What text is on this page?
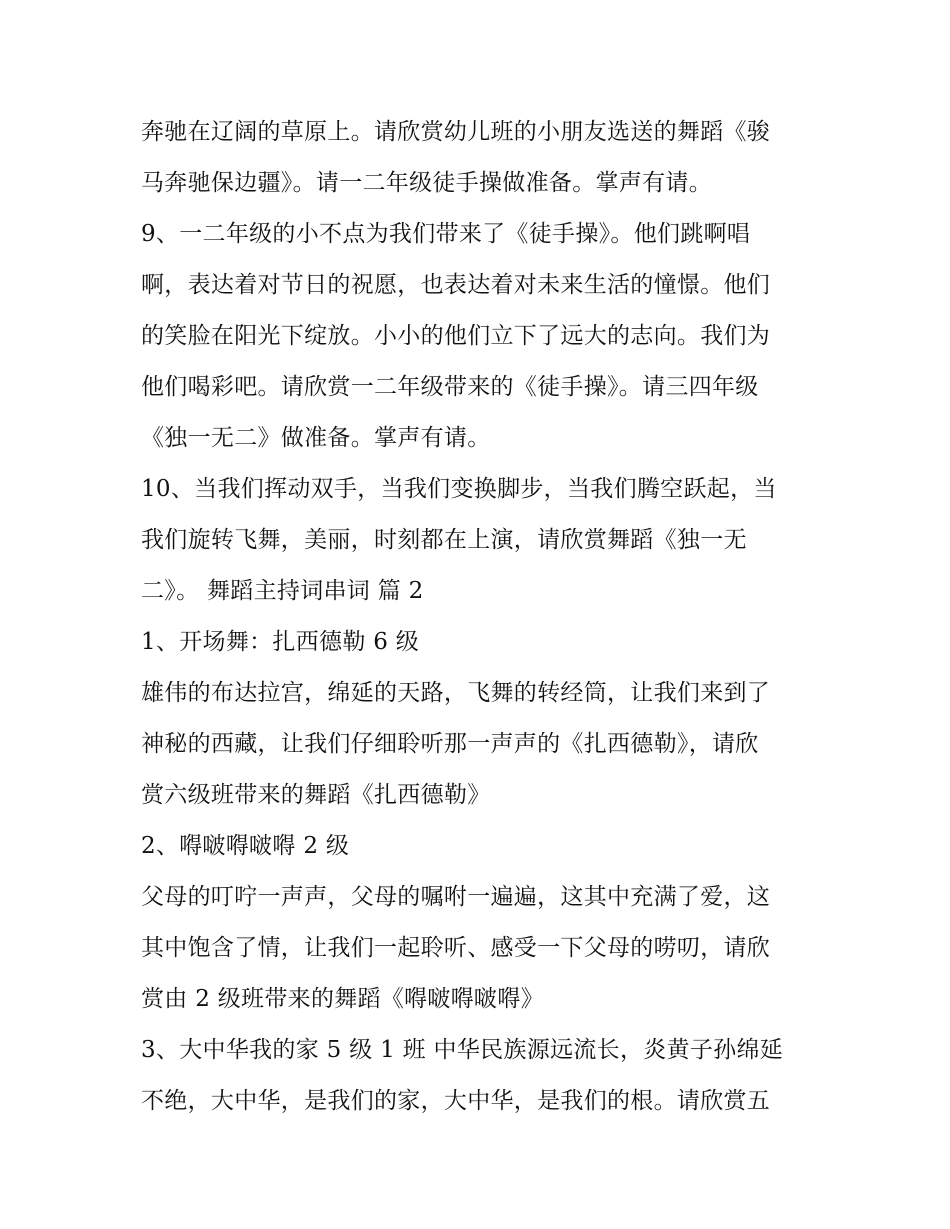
奔驰在辽阔的草原上。请欣赏幼儿班的小朋友选送的舞蹈《骏
马奔驰保边疆》。请一二年级徒手操做准备。掌声有请。
9、一二年级的小不点为我们带来了《徒手操》。他们跳啊唱
啊，表达着对节日的祝愿，也表达着对未来生活的憧憬。他们
的笑脸在阳光下绽放。小小的他们立下了远大的志向。我们为
他们喝彩吧。请欣赏一二年级带来的《徒手操》。请三四年级
《独一无二》做准备。掌声有请。
10、当我们挥动双手，当我们变换脚步，当我们腾空跃起，当
我们旋转飞舞，美丽，时刻都在上演，请欣赏舞蹈《独一无
二》。 舞蹈主持词串词 篇 2
1、开场舞：扎西德勒 6 级
雄伟的布达拉宫，绵延的天路，飞舞的转经筒，让我们来到了
神秘的西藏，让我们仔细聆听那一声声的《扎西德勒》，请欣
赏六级班带来的舞蹈《扎西德勒》
2、嘚啵嘚啵嘚 2 级
父母的叮咛一声声，父母的嘱咐一遍遍，这其中充满了爱，这
其中饱含了情，让我们一起聆听、感受一下父母的唠叨，请欣
赏由 2 级班带来的舞蹈《嘚啵嘚啵嘚》
3、大中华我的家 5 级 1 班 中华民族源远流长，炎黄子孙绵延
不绝，大中华，是我们的家，大中华，是我们的根。请欣赏五
